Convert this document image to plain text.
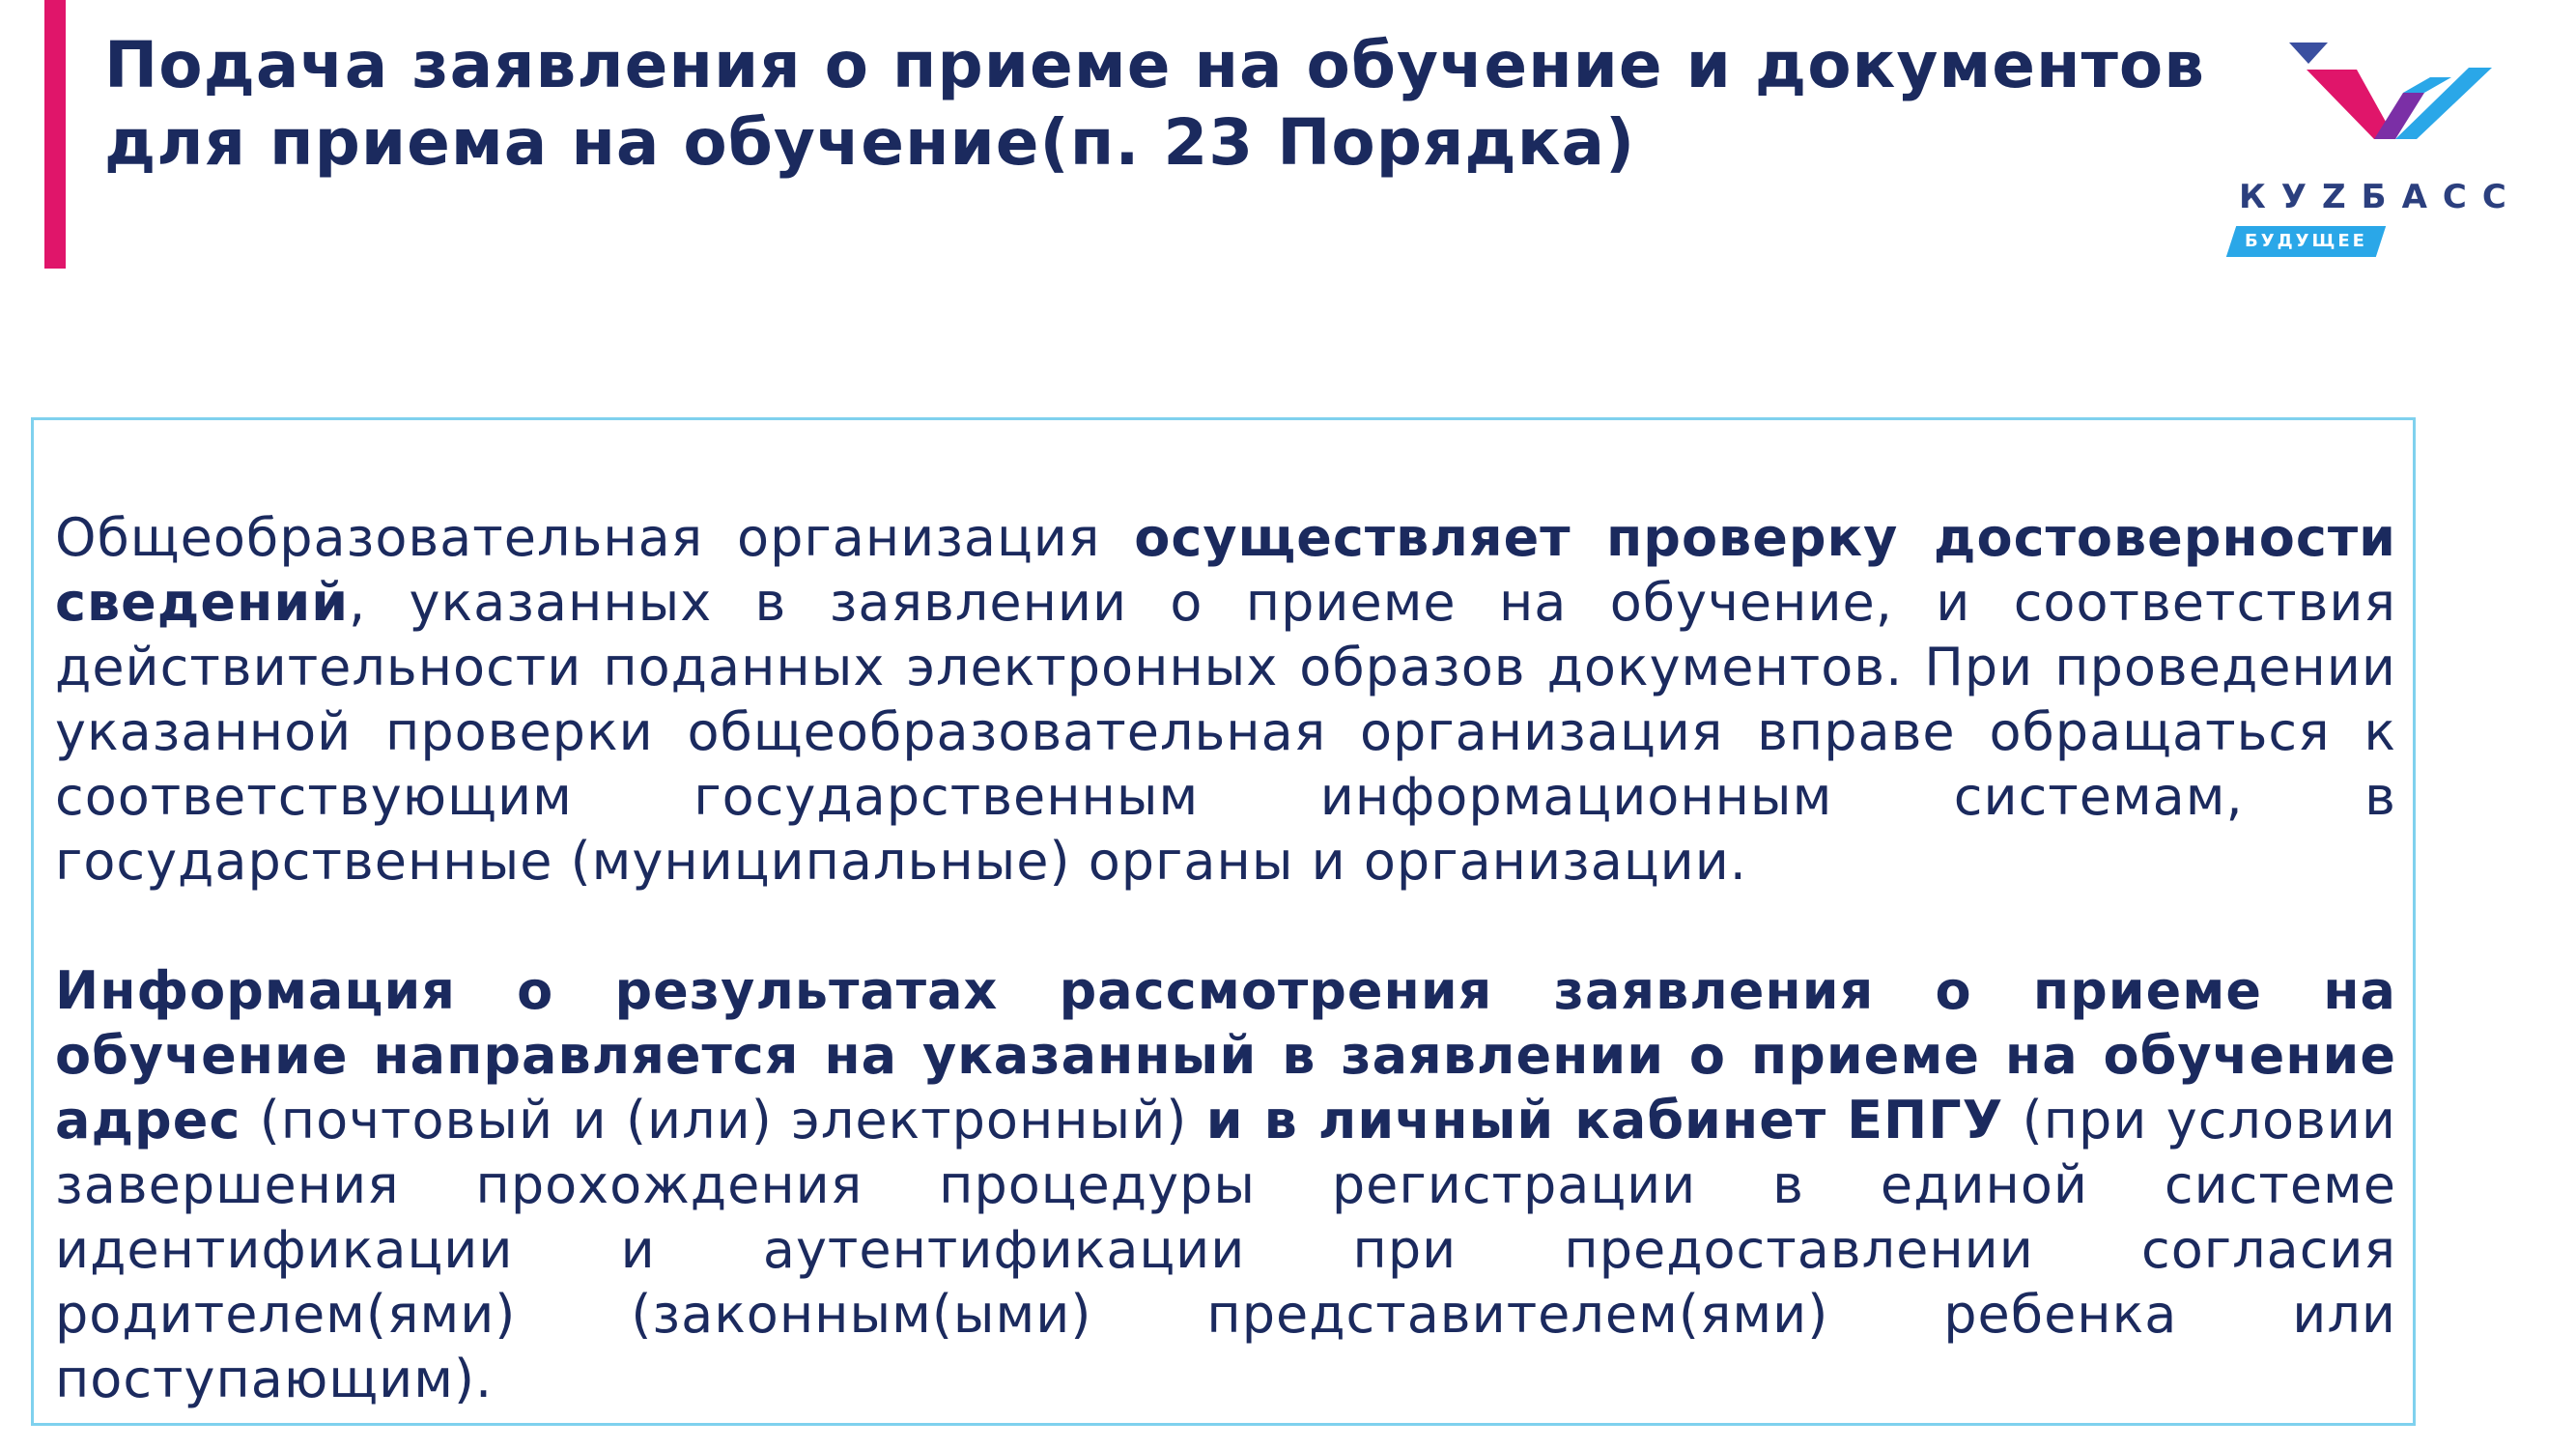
Подача заявления о приеме на обучение и документов для приема на обучение(п. 23 Порядка)
КУZБАСС
БУДУЩЕЕ

Общеобразовательная организация осуществляет проверку достоверности сведений, указанных в заявлении о приеме на обучение, и соответствия действительности поданных электронных образов документов. При проведении указанной проверки общеобразовательная организация вправе обращаться к соответствующим государственным информационным системам, в государственные (муниципальные) органы и организации.

Информация о результатах рассмотрения заявления о приеме на обучение направляется на указанный в заявлении о приеме на обучение адрес (почтовый и (или) электронный) и в личный кабинет ЕПГУ (при условии завершения прохождения процедуры регистрации в единой системе идентификации и аутентификации при предоставлении согласия родителем(ями) (законным(ыми) представителем(ями) ребенка или поступающим).
